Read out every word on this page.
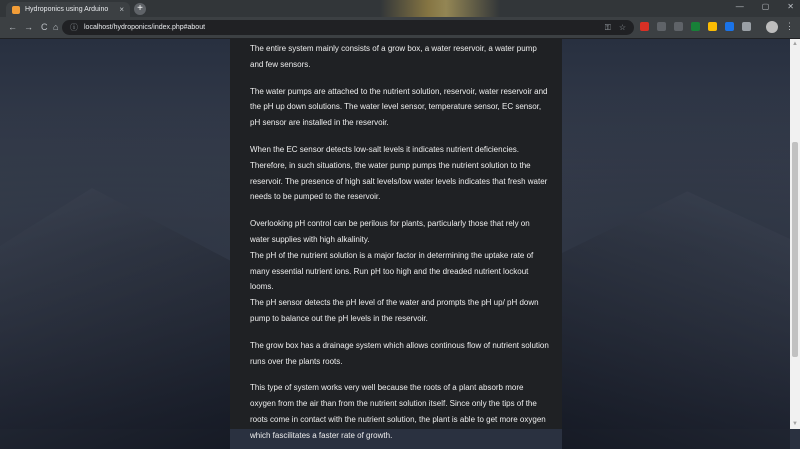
Hydroponics using Arduino	×	+	— ▢ ✕
← → C ⌂ ⓘ localhost/hydroponics/index.php#about	⚿ ☆	⋮

The entire system mainly consists of a grow box, a water reservoir, a water pump and few sensors.

The water pumps are attached to the nutrient solution, reservoir, water reservoir and the pH up down solutions. The water level sensor, temperature sensor, EC sensor, pH sensor are installed in the reservoir.

When the EC sensor detects low-salt levels it indicates nutrient deficiencies. Therefore, in such situations, the water pump pumps the nutrient solution to the reservoir. The presence of high salt levels/low water levels indicates that fresh water needs to be pumped to the reservoir.

Overlooking pH control can be perilous for plants, particularly those that rely on water supplies with high alkalinity.
The pH of the nutrient solution is a major factor in determining the uptake rate of many essential nutrient ions. Run pH too high and the dreaded nutrient lockout looms.
The pH sensor detects the pH level of the water and prompts the pH up/ pH down pump to balance out the pH levels in the reservoir.

The grow box has a drainage system which allows continous flow of nutrient solution runs over the plants roots.

This type of system works very well because the roots of a plant absorb more oxygen from the air than from the nutrient solution itself. Since only the tips of the roots come in contact with the nutrient solution, the plant is able to get more oxygen which fascilitates a faster rate of growth.

▲
▼
